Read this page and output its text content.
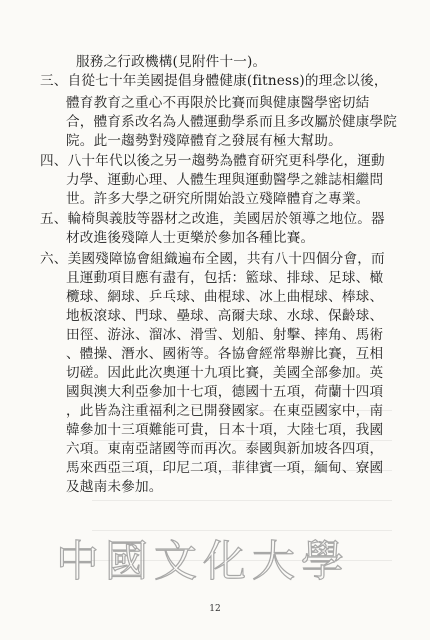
服務之行政機構(見附件十一)。
三、自從七十年美國提倡身體健康(fitness)的理念以後，
體育教育之重心不再限於比賽而與健康醫學密切結
合，體育系改名為人體運動學系而且多改屬於健康學院
院。此一趨勢對殘障體育之發展有極大幫助。
四、八十年代以後之另一趨勢為體育研究更科學化，運動
力學、運動心理、人體生理與運動醫學之雜誌相繼問
世。許多大學之研究所開始設立殘障體育之專業。
五、輪椅與義肢等器材之改進，美國居於領導之地位。器
材改進後殘障人士更樂於參加各種比賽。
六、美國殘障協會組織遍布全國，共有八十四個分會，而
且運動項目應有盡有，包括：籃球、排球、足球、橄
欖球、網球、乒乓球、曲棍球、冰上曲棍球、棒球、
地板滾球、門球、壘球、高爾夫球、水球、保齡球、
田徑、游泳、溜冰、滑雪、划船、射擊、摔角、馬術
、體操、潛水、國術等。各協會經常舉辦比賽，互相
切磋。因此此次奧運十九項比賽，美國全部參加。英
國與澳大利亞參加十七項，德國十五項，荷蘭十四項
，此皆為注重福利之已開發國家。在東亞國家中，南
韓參加十三項難能可貴，日本十項，大陸七項，我國
六項。東南亞諸國等而再次。泰國與新加坡各四項，
馬來西亞三項，印尼二項，菲律賓一項，緬甸、寮國
及越南未參加。
中國文化大學
12
